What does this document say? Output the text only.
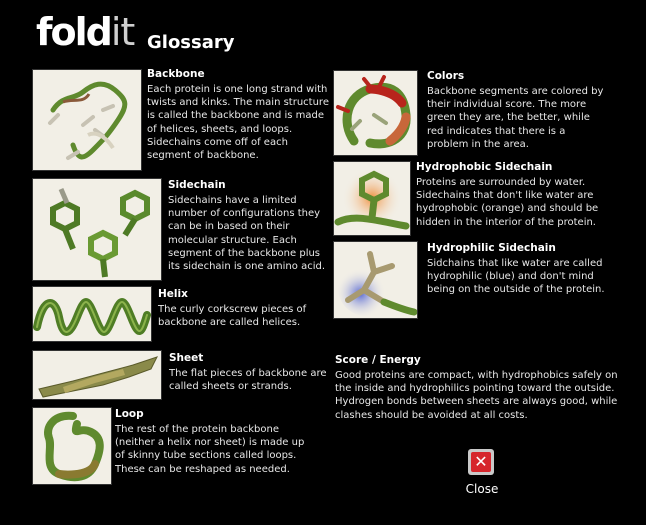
foldit Glossary
Backbone

Each protein is one long strand with twists and kinks. The main structure is called the backbone and is made of helices, sheets, and loops. Sidechains come off of each segment of backbone.

Sidechain

Sidechains have a limited number of configurations they can be in based on their molecular structure. Each segment of the backbone plus its sidechain is one amino acid.

Helix

The curly corkscrew pieces of backbone are called helices.

Sheet

The flat pieces of backbone are called sheets or strands.

Loop

The rest of the protein backbone (neither a helix nor sheet) is made up of skinny tube sections called loops. These can be reshaped as needed.

Colors

Backbone segments are colored by their individual score. The more green they are, the better, while red indicates that there is a problem in the area.

Hydrophobic Sidechain

Proteins are surrounded by water. Sidechains that don't like water are hydrophobic (orange) and should be hidden in the interior of the protein.

Hydrophilic Sidechain

Sidchains that like water are called hydrophilic (blue) and don't mind being on the outside of the protein.

Score / Energy

Good proteins are compact, with hydrophobics safely on the inside and hydrophilics pointing toward the outside. Hydrogen bonds between sheets are always good, while clashes should be avoided at all costs.

✕
Close
